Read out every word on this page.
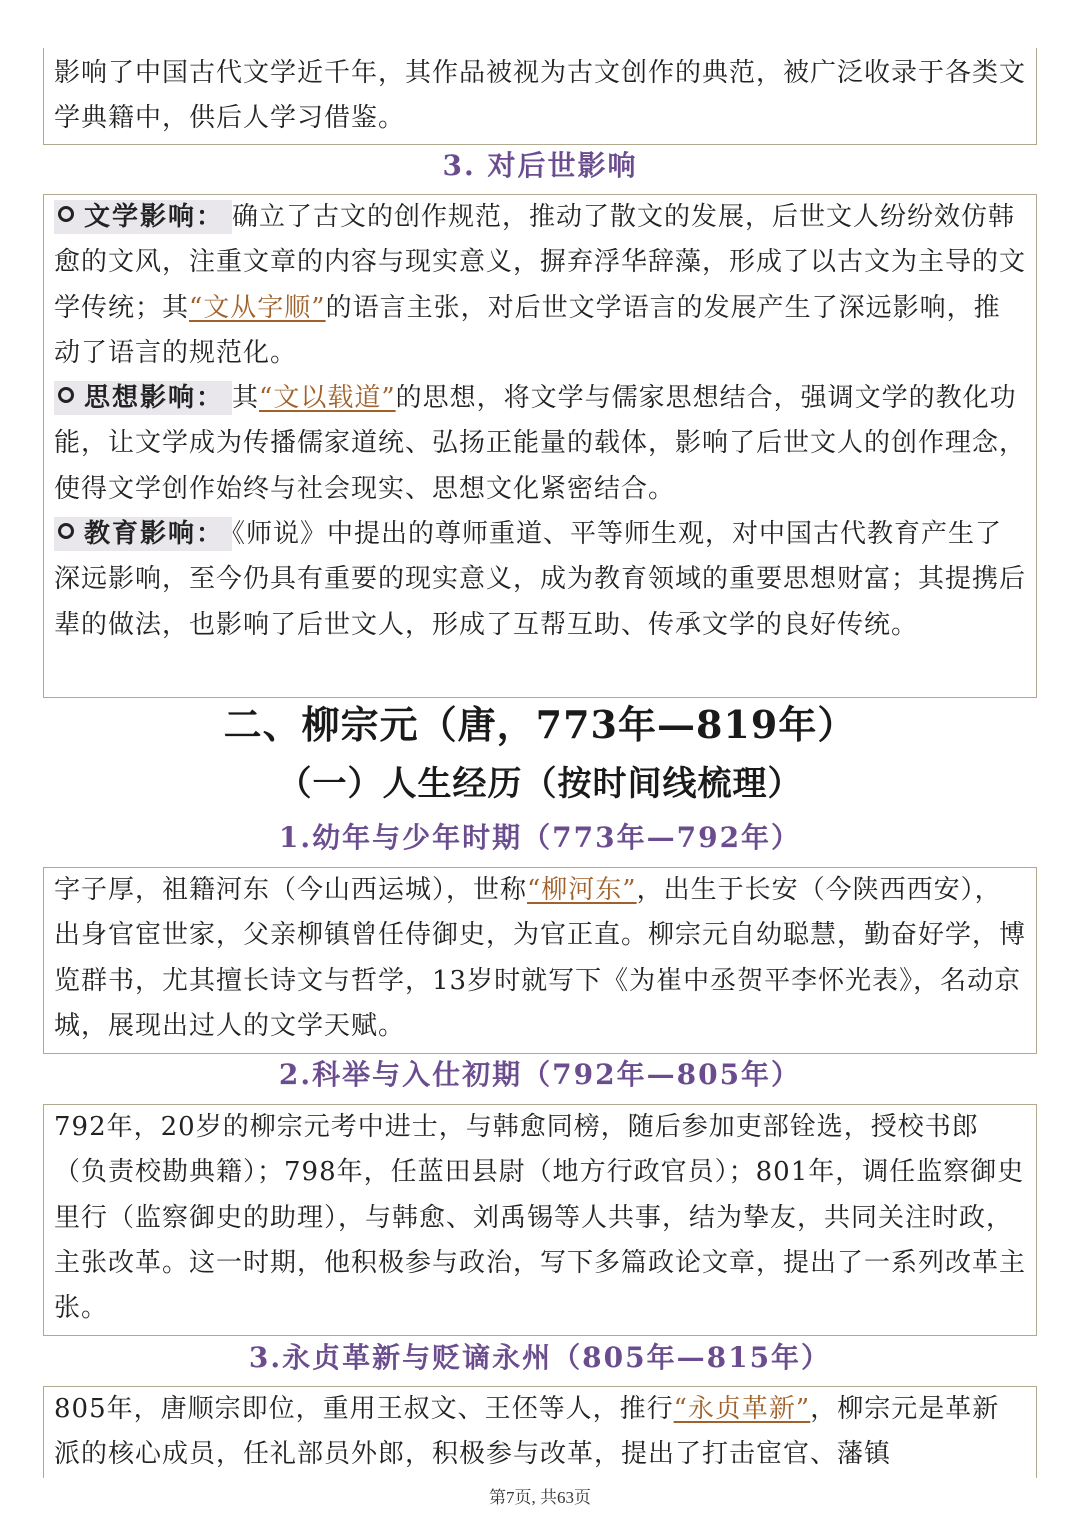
影响了中国古代文学近千年，其作品被视为古文创作的典范，被广泛收录于各类文学典籍中，供后人学习借鉴。

3. 对后世影响

文学影响： 确立了古文的创作规范，推动了散文的发展，后世文人纷纷效仿韩愈的文风，注重文章的内容与现实意义，摒弃浮华辞藻，形成了以古文为主导的文学传统；其“文从字顺”的语言主张，对后世文学语言的发展产生了深远影响，推动了语言的规范化。

思想影响： 其“文以载道”的思想，将文学与儒家思想结合，强调文学的教化功能，让文学成为传播儒家道统、弘扬正能量的载体，影响了后世文人的创作理念，使得文学创作始终与社会现实、思想文化紧密结合。

教育影响： 《师说》中提出的尊师重道、平等师生观，对中国古代教育产生了深远影响，至今仍具有重要的现实意义，成为教育领域的重要思想财富；其提携后辈的做法，也影响了后世文人，形成了互帮互助、传承文学的良好传统。

二、柳宗元（唐，773年—819年）
（一）人生经历（按时间线梳理）
1.幼年与少年时期（773年—792年）

字子厚，祖籍河东（今山西运城），世称“柳河东”，出生于长安（今陕西西安），出身官宦世家，父亲柳镇曾任侍御史，为官正直。柳宗元自幼聪慧，勤奋好学，博览群书，尤其擅长诗文与哲学，13岁时就写下《为崔中丞贺平李怀光表》，名动京城，展现出过人的文学天赋。

2.科举与入仕初期（792年—805年）

792年，20岁的柳宗元考中进士，与韩愈同榜，随后参加吏部铨选，授校书郎（负责校勘典籍）；798年，任蓝田县尉（地方行政官员）；801年，调任监察御史里行（监察御史的助理），与韩愈、刘禹锡等人共事，结为挚友，共同关注时政，主张改革。这一时期，他积极参与政治，写下多篇政论文章，提出了一系列改革主张。

3.永贞革新与贬谪永州（805年—815年）

805年，唐顺宗即位，重用王叔文、王伾等人，推行“永贞革新”，柳宗元是革新派的核心成员，任礼部员外郎，积极参与改革，提出了打击宦官、藩镇

第7页, 共63页
